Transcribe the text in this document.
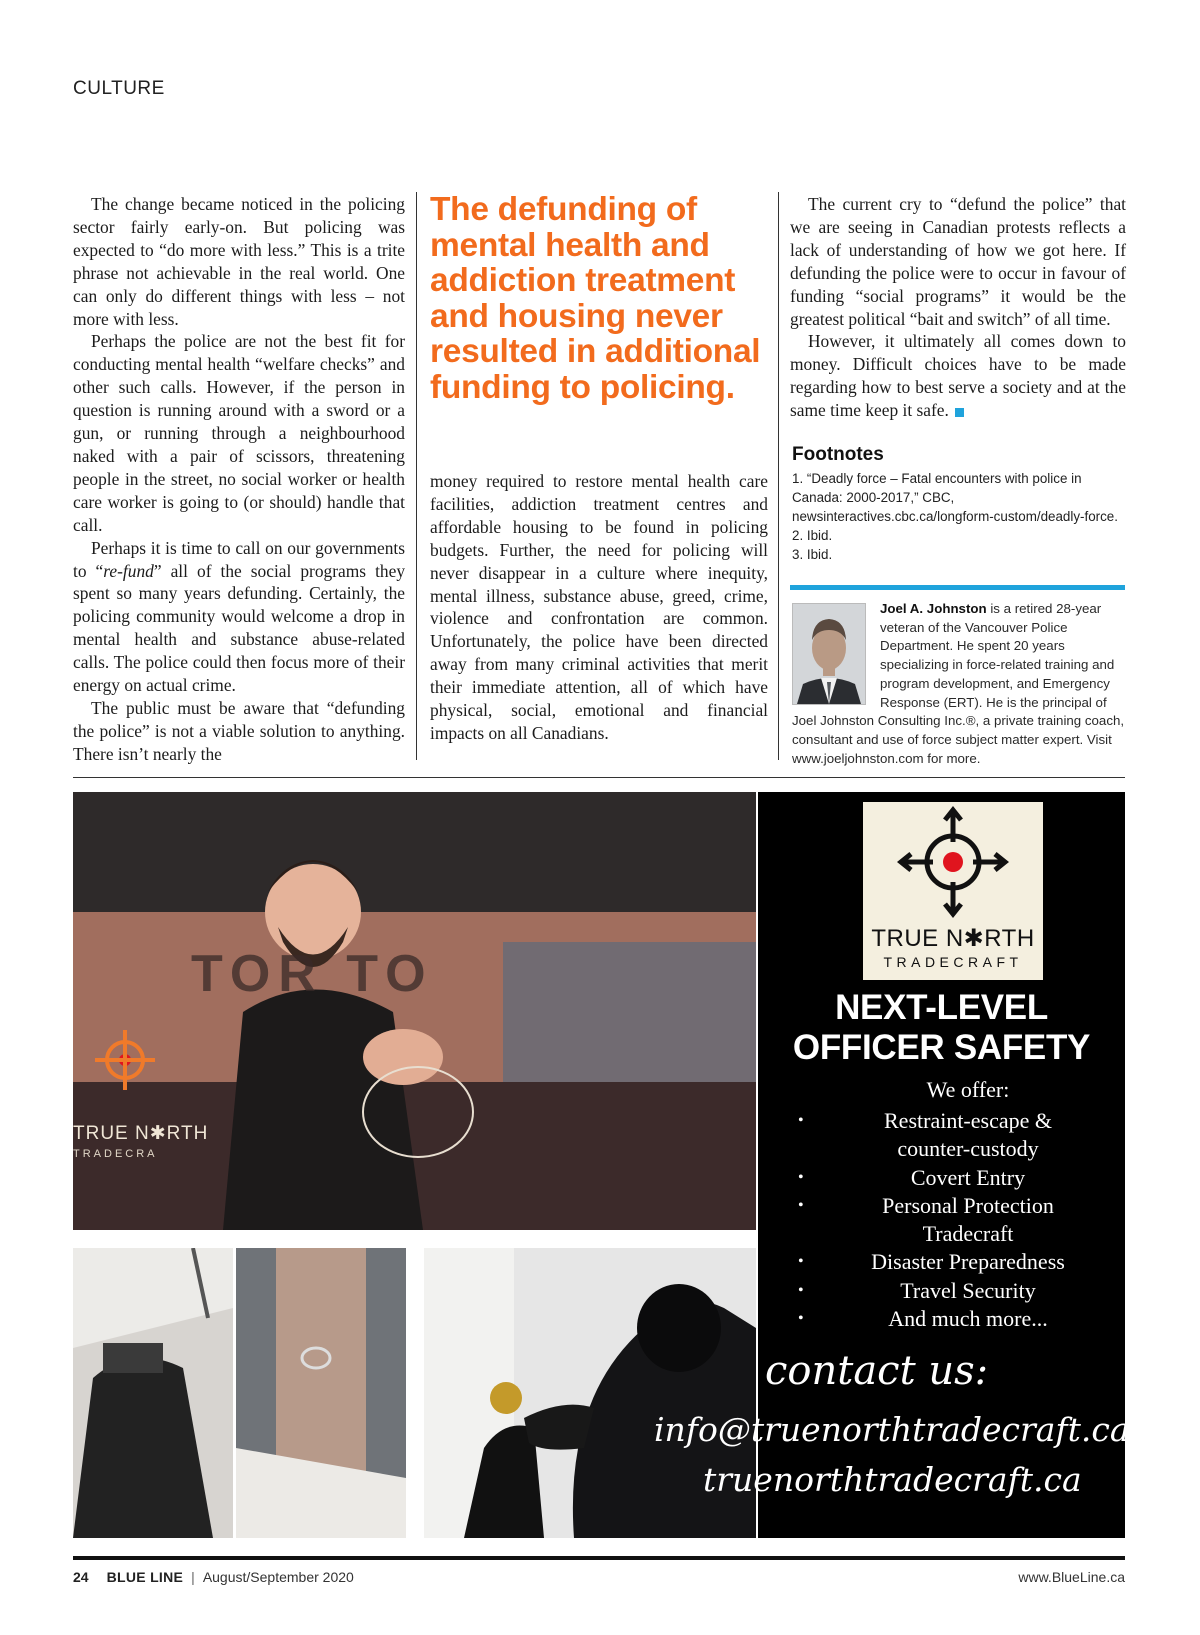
CULTURE

The change became noticed in the policing sector fairly early-on. But policing was expected to “do more with less.” This is a trite phrase not achievable in the real world. One can only do different things with less – not more with less.

Perhaps the police are not the best fit for conducting mental health “welfare checks” and other such calls. However, if the person in question is running around with a sword or a gun, or running through a neighbourhood naked with a pair of scissors, threatening people in the street, no social worker or health care worker is going to (or should) handle that call.

Perhaps it is time to call on our governments to “re-fund” all of the social programs they spent so many years defunding. Certainly, the policing community would welcome a drop in mental health and substance abuse-related calls. The police could then focus more of their energy on actual crime.

The public must be aware that “defunding the police” is not a viable solution to anything. There isn’t nearly the

The defunding of mental health and addiction treatment and housing never resulted in additional funding to policing.

money required to restore mental health care facilities, addiction treatment centres and affordable housing to be found in policing budgets. Further, the need for policing will never disappear in a culture where inequity, mental illness, substance abuse, greed, crime, violence and confrontation are common. Unfortunately, the police have been directed away from many criminal activities that merit their immediate attention, all of which have physical, social, emotional and financial impacts on all Canadians.

The current cry to “defund the police” that we are seeing in Canadian protests reflects a lack of understanding of how we got here. If defunding the police were to occur in favour of funding “social programs” it would be the greatest political “bait and switch” of all time.

However, it ultimately all comes down to money. Difficult choices have to be made regarding how to best serve a society and at the same time keep it safe.

Footnotes
1. “Deadly force – Fatal encounters with police in Canada: 2000-2017,” CBC, newsinteractives.cbc.ca/longform-custom/deadly-force.
2. Ibid.
3. Ibid.

Joel A. Johnston is a retired 28-year veteran of the Vancouver Police Department. He spent 20 years specializing in force-related training and program development, and Emergency Response (ERT). He is the principal of Joel Johnston Consulting Inc.®, a private training coach, consultant and use of force subject matter expert. Visit www.joeljohnston.com for more.

TRUE N✱RTH
TRADECRA
TOR TO
TRUE N✱RTH
TRADECRAFT
NEXT-LEVEL
OFFICER SAFETY
We offer:
• Restraint-escape &
counter-custody
• Covert Entry
• Personal Protection
Tradecraft
• Disaster Preparedness
• Travel Security
• And much more...
contact us:
info@truenorthtradecraft.ca
truenorthtradecraft.ca
24 BLUE LINE | August/September 2020	www.BlueLine.ca
